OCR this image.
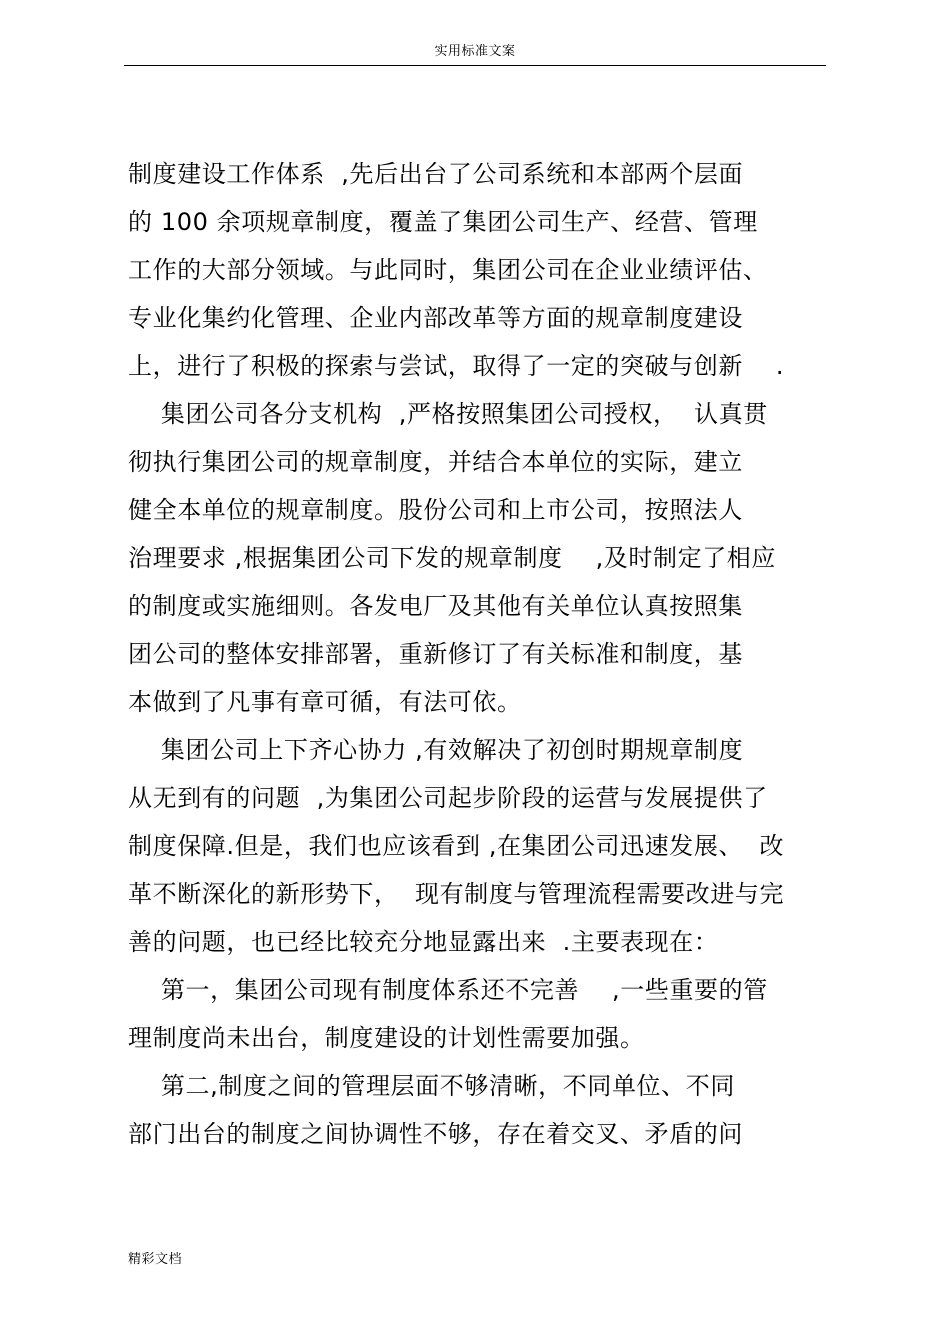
实用标准文案
制度建设工作体系  ,先后出台了公司系统和本部两个层面
的 100 余项规章制度，覆盖了集团公司生产、经营、管理
工作的大部分领域。与此同时，集团公司在企业业绩评估、
专业化集约化管理、企业内部改革等方面的规章制度建设
上，进行了积极的探索与尝试，取得了一定的突破与创新    .
集团公司各分支机构  ,严格按照集团公司授权，  认真贯
彻执行集团公司的规章制度，并结合本单位的实际，建立
健全本单位的规章制度。股份公司和上市公司，按照法人
治理要求 ,根据集团公司下发的规章制度    ,及时制定了相应
的制度或实施细则。各发电厂及其他有关单位认真按照集
团公司的整体安排部署，重新修订了有关标准和制度，基
本做到了凡事有章可循，有法可依。
集团公司上下齐心协力 ,有效解决了初创时期规章制度
从无到有的问题  ,为集团公司起步阶段的运营与发展提供了
制度保障.但是，我们也应该看到 ,在集团公司迅速发展、  改
革不断深化的新形势下，  现有制度与管理流程需要改进与完
善的问题，也已经比较充分地显露出来  .主要表现在：
第一，集团公司现有制度体系还不完善    ,一些重要的管
理制度尚未出台，制度建设的计划性需要加强。
第二,制度之间的管理层面不够清晰，不同单位、不同
部门出台的制度之间协调性不够，存在着交叉、矛盾的问
精彩文档
